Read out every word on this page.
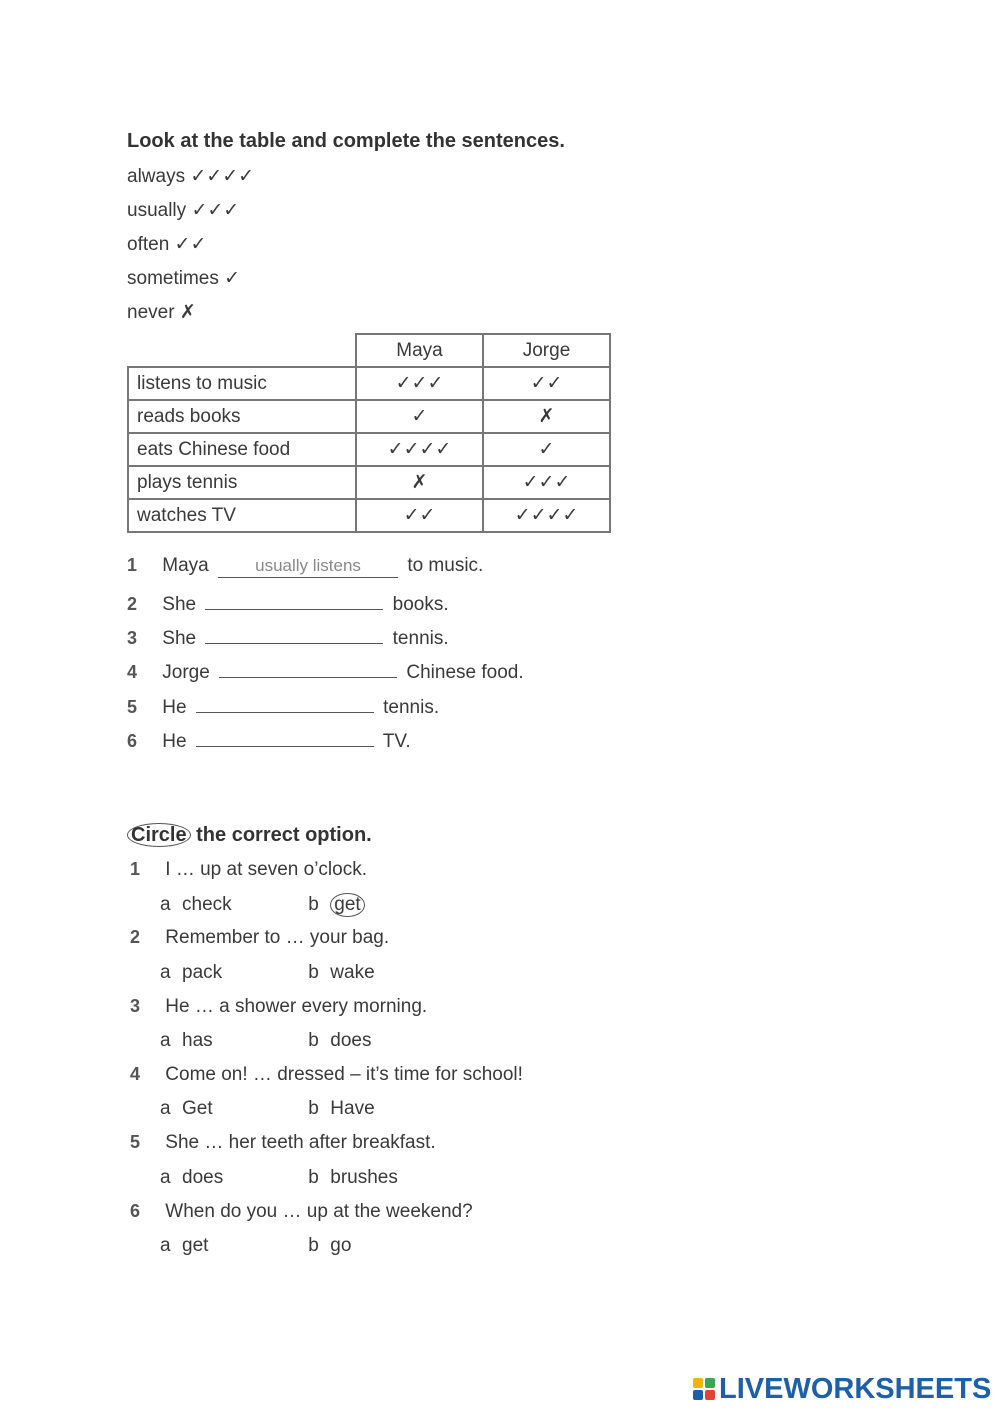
Look at the table and complete the sentences.
always ✓✓✓✓
usually ✓✓✓
often ✓✓
sometimes ✓
never ✗
	Maya	Jorge
listens to music	✓✓✓	✓✓
reads books	✓	✗
eats Chinese food	✓✓✓✓	✓
plays tennis	✗	✓✓✓
watches TV	✓✓	✓✓✓✓
1 Maya	usually listens to music.
2 She	books.
3 She	tennis.
4 Jorge	Chinese food.
5 He	tennis.
6 He	TV.
Circle the correct option.
1 I … up at seven o’clock.
a check	b get
2 Remember to … your bag.
a pack	b wake
3 He … a shower every morning.
a has	b does
4 Come on! … dressed – it’s time for school!
a Get	b Have
5 She … her teeth after breakfast.
a does	b brushes
6 When do you … up at the weekend?
a get	b go
LIVEWORKSHEETS
